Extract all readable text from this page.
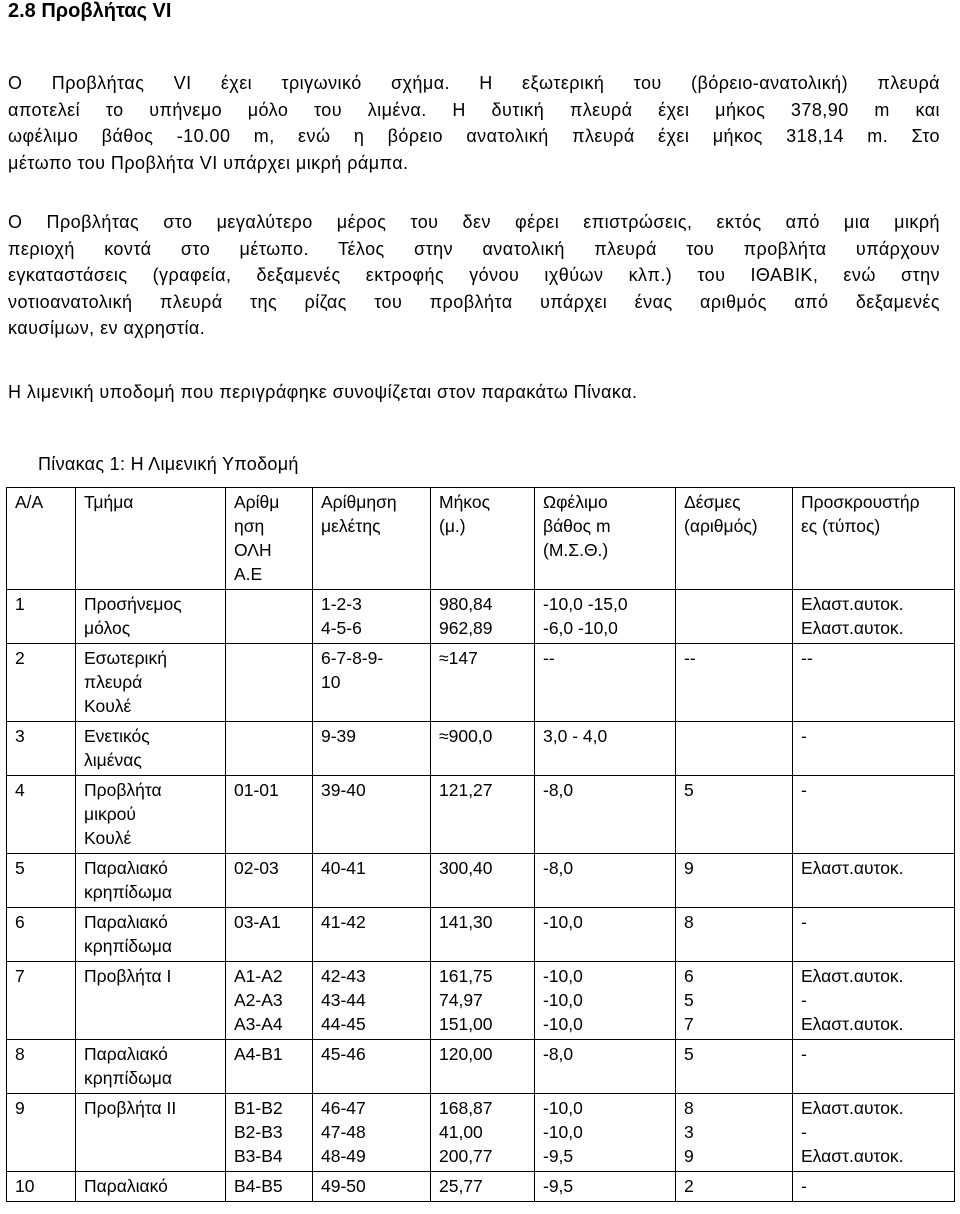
2.8 Προβλήτας VI
Ο Προβλήτας VI έχει τριγωνικό σχήμα. Η εξωτερική του (βόρειο-ανατολική) πλευρά
αποτελεί το υπήνεμο μόλο του λιμένα. Η δυτική πλευρά έχει μήκος 378,90 m και
ωφέλιμο βάθος -10.00 m, ενώ η βόρειο ανατολική πλευρά έχει μήκος 318,14 m. Στο
μέτωπο του Προβλήτα VI υπάρχει μικρή ράμπα.
Ο Προβλήτας στο μεγαλύτερο μέρος του δεν φέρει επιστρώσεις, εκτός από μια μικρή
περιοχή κοντά στο μέτωπο. Τέλος στην ανατολική πλευρά του προβλήτα υπάρχουν
εγκαταστάσεις (γραφεία, δεξαμενές εκτροφής γόνου ιχθύων κλπ.) του ΙΘΑΒΙΚ, ενώ στην
νοτιοανατολική πλευρά της ρίζας του προβλήτα υπάρχει ένας αριθμός από δεξαμενές
καυσίμων, εν αχρηστία.
Η λιμενική υποδομή που περιγράφηκε συνοψίζεται στον παρακάτω Πίνακα.
Πίνακας 1: Η Λιμενική Υποδομή
Α/Α	Τμήμα	Αρίθμ
ηση
ΟΛΗ
Α.Ε	Αρίθμηση
μελέτης	Μήκος
(μ.)	Ωφέλιμο
βάθος m
(Μ.Σ.Θ.)	Δέσμες
(αριθμός)	Προσκρουστήρ
ες (τύπος)
1	Προσήνεμος
μόλος		1-2-3
4-5-6	980,84
962,89	-10,0 -15,0
-6,0 -10,0		Ελαστ.αυτοκ.
Ελαστ.αυτοκ.
2	Εσωτερική
πλευρά
Κουλέ		6-7-8-9-
10	≈147	--	--	--
3	Ενετικός
λιμένας		9-39	≈900,0	3,0 - 4,0		-
4	Προβλήτα
μικρού
Κουλέ	01-01	39-40	121,27	-8,0	5	-
5	Παραλιακό
κρηπίδωμα	02-03	40-41	300,40	-8,0	9	Ελαστ.αυτοκ.
6	Παραλιακό
κρηπίδωμα	03-Α1	41-42	141,30	-10,0	8	-
7	Προβλήτα Ι	Α1-Α2
Α2-Α3
Α3-Α4	42-43
43-44
44-45	161,75
74,97
151,00	-10,0
-10,0
-10,0	6
5
7	Ελαστ.αυτοκ.
-
Ελαστ.αυτοκ.
8	Παραλιακό
κρηπίδωμα	Α4-Β1	45-46	120,00	-8,0	5	-
9	Προβλήτα ΙΙ	Β1-Β2
Β2-Β3
Β3-Β4	46-47
47-48
48-49	168,87
41,00
200,77	-10,0
-10,0
-9,5	8
3
9	Ελαστ.αυτοκ.
-
Ελαστ.αυτοκ.
10	Παραλιακό	Β4-Β5	49-50	25,77	-9,5	2	-
